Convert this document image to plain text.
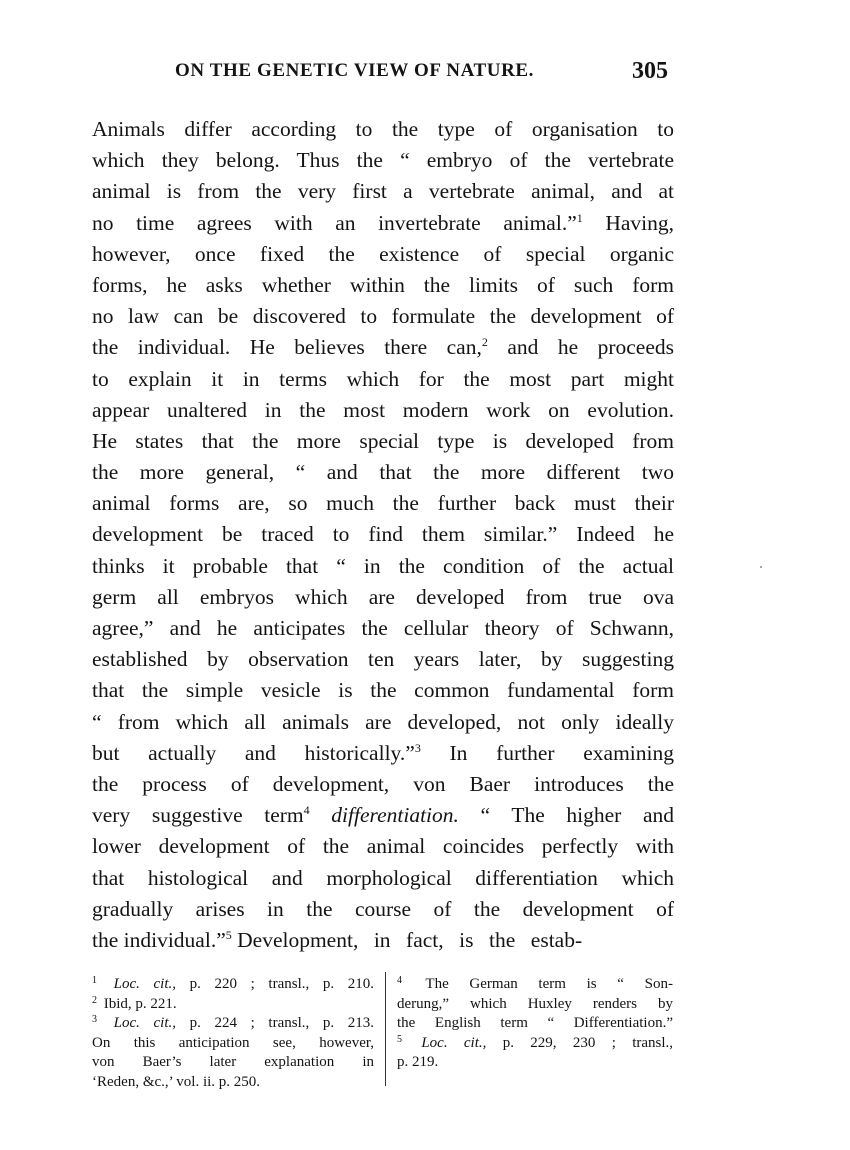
ON THE GENETIC VIEW OF NATURE.	305
Animals differ according to the type of organisation to
which they belong. Thus the “ embryo of the vertebrate
animal is from the very first a vertebrate animal, and at
no time agrees with an invertebrate animal.”$^1$ Having,
however, once fixed the existence of special organic
forms, he asks whether within the limits of such form
no law can be discovered to formulate the development of
the individual. He believes there can,$^2$ and he proceeds
to explain it in terms which for the most part might
appear unaltered in the most modern work on evolution.
He states that the more special type is developed from
the more general, “ and that the more different two
animal forms are, so much the further back must their
development be traced to find them similar.” Indeed he
thinks it probable that “ in the condition of the actual
germ all embryos which are developed from true ova
agree,” and he anticipates the cellular theory of Schwann,
established by observation ten years later, by suggesting
that the simple vesicle is the common fundamental form
“ from which all animals are developed, not only ideally
but actually and historically.”$^3$ In further examining
the process of development, von Baer introduces the
very suggestive term$^4$ differentiation. “ The higher and
lower development of the animal coincides perfectly with
that histological and morphological differentiation which
gradually arises in the course of the development of
the individual.”$^5$ Development, in fact, is the estab-
$^1$ Loc. cit., p. 220 ; transl., p. 210.
$^2$ Ibid, p. 221.
$^3$ Loc. cit., p. 224 ; transl., p. 213.
On this anticipation see, however,
von Baer’s later explanation in
‘Reden, &c.,’ vol. ii. p. 250.
$^4$ The German term is “ Son-
derung,” which Huxley renders by
the English term “ Differentiation.”
$^5$ Loc. cit., p. 229, 230 ; transl.,
p. 219.
